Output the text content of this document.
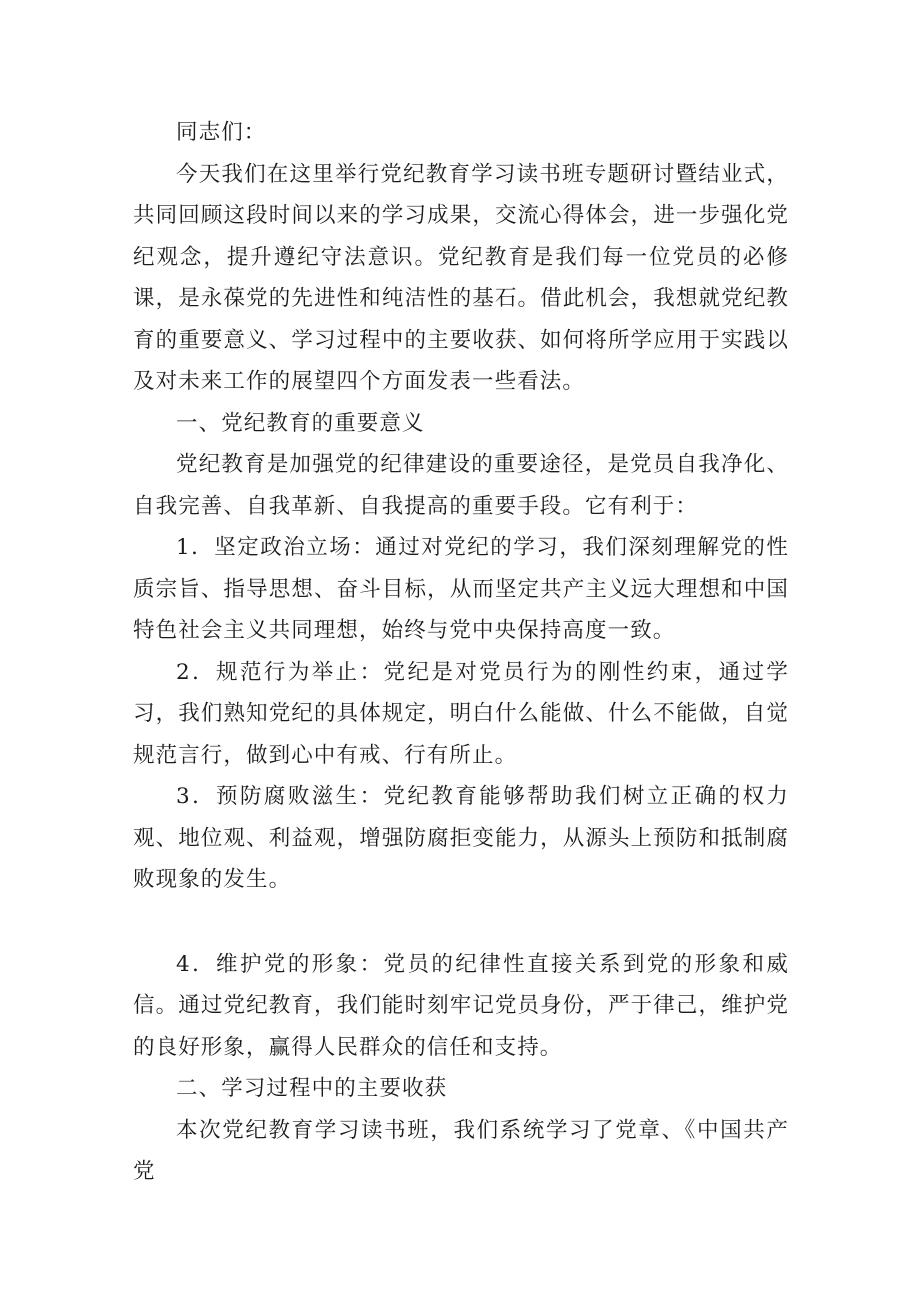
同志们：

今天我们在这里举行党纪教育学习读书班专题研讨暨结业式，共同回顾这段时间以来的学习成果，交流心得体会，进一步强化党纪观念，提升遵纪守法意识。党纪教育是我们每一位党员的必修课，是永葆党的先进性和纯洁性的基石。借此机会，我想就党纪教育的重要意义、学习过程中的主要收获、如何将所学应用于实践以及对未来工作的展望四个方面发表一些看法。

一、党纪教育的重要意义

党纪教育是加强党的纪律建设的重要途径，是党员自我净化、自我完善、自我革新、自我提高的重要手段。它有利于：

1．坚定政治立场：通过对党纪的学习，我们深刻理解党的性质宗旨、指导思想、奋斗目标，从而坚定共产主义远大理想和中国特色社会主义共同理想，始终与党中央保持高度一致。

2．规范行为举止：党纪是对党员行为的刚性约束，通过学习，我们熟知党纪的具体规定，明白什么能做、什么不能做，自觉规范言行，做到心中有戒、行有所止。

3．预防腐败滋生：党纪教育能够帮助我们树立正确的权力观、地位观、利益观，增强防腐拒变能力，从源头上预防和抵制腐败现象的发生。

4．维护党的形象：党员的纪律性直接关系到党的形象和威信。通过党纪教育，我们能时刻牢记党员身份，严于律己，维护党的良好形象，赢得人民群众的信任和支持。

二、学习过程中的主要收获

本次党纪教育学习读书班，我们系统学习了党章、《中国共产党
